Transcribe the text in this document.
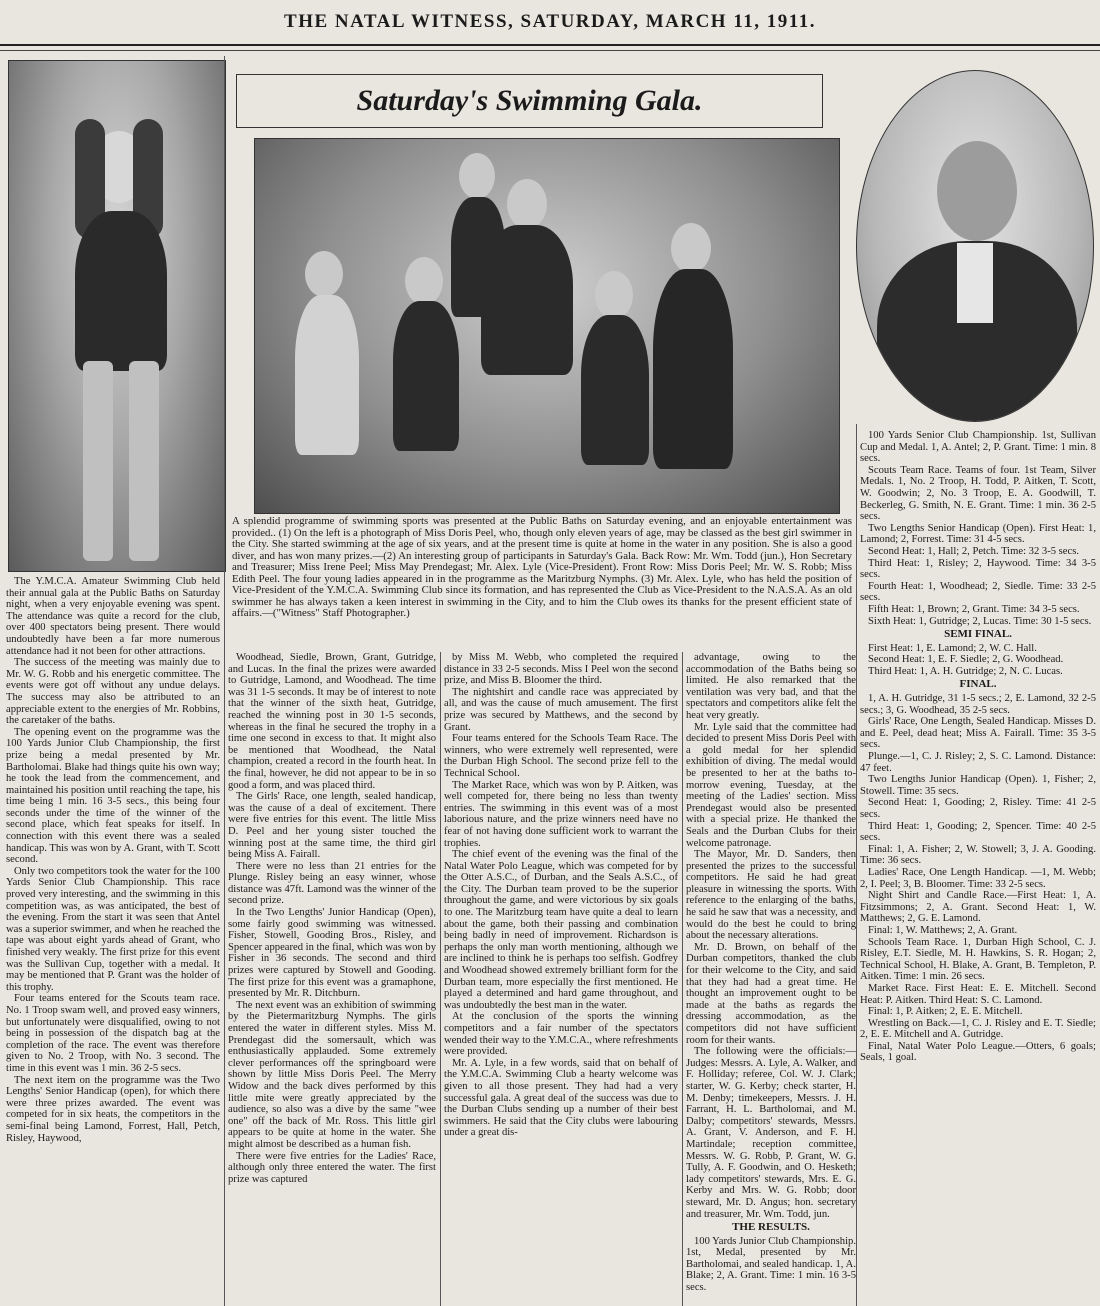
THE NATAL WITNESS, SATURDAY, MARCH 11, 1911.
Saturday's Swimming Gala.
A splendid programme of swimming sports was presented at the Public Baths on Saturday evening, and an enjoyable entertainment was provided.. (1) On the left is a photograph of Miss Doris Peel, who, though only eleven years of age, may be classed as the best girl swimmer in the City. She started swimming at the age of six years, and at the present time is quite at home in the water in any position. She is also a good diver, and has won many prizes.—(2) An interesting group of participants in Saturday's Gala. Back Row: Mr. Wm. Todd (jun.), Hon Secretary and Treasurer; Miss Irene Peel; Miss May Prendegast; Mr. Alex. Lyle (Vice-President). Front Row: Miss Doris Peel; Mr. W. S. Robb; Miss Edith Peel. The four young ladies appeared in in the programme as the Maritzburg Nymphs. (3) Mr. Alex. Lyle, who has held the position of Vice-President of the Y.M.C.A. Swimming Club since its formation, and has represented the Club as Vice-President to the N.A.S.A. As an old swimmer he has always taken a keen interest in swimming in the City, and to him the Club owes its thanks for the present efficient state of affairs.—("Witness" Staff Photographer.)

The Y.M.C.A. Amateur Swimming Club held their annual gala at the Public Baths on Saturday night, when a very enjoyable evening was spent. The attendance was quite a record for the club, over 400 spectators being present. There would undoubtedly have been a far more numerous attendance had it not been for other attractions.

The success of the meeting was mainly due to Mr. W. G. Robb and his energetic committee. The events were got off without any undue delays. The success may also be attributed to an appreciable extent to the energies of Mr. Robbins, the caretaker of the baths.

The opening event on the programme was the 100 Yards Junior Club Championship, the first prize being a medal presented by Mr. Bartholomai. Blake had things quite his own way; he took the lead from the commencement, and maintained his position until reaching the tape, his time being 1 min. 16 3-5 secs., this being four seconds under the time of the winner of the second place, which feat speaks for itself. In connection with this event there was a sealed handicap. This was won by A. Grant, with T. Scott second.

Only two competitors took the water for the 100 Yards Senior Club Championship. This race proved very interesting, and the swimming in this competition was, as was anticipated, the best of the evening. From the start it was seen that Antel was a superior swimmer, and when he reached the tape was about eight yards ahead of Grant, who finished very weakly. The first prize for this event was the Sullivan Cup, together with a medal. It may be mentioned that P. Grant was the holder of this trophy.

Four teams entered for the Scouts team race. No. 1 Troop swam well, and proved easy winners, but unfortunately were disqualified, owing to not being in possession of the dispatch bag at the completion of the race. The event was therefore given to No. 2 Troop, with No. 3 second. The time in this event was 1 min. 36 2-5 secs.

The next item on the programme was the Two Lengths' Senior Handicap (open), for which there were three prizes awarded. The event was competed for in six heats, the competitors in the semi-final being Lamond, Forrest, Hall, Petch, Risley, Haywood,

Woodhead, Siedle, Brown, Grant, Gutridge, and Lucas. In the final the prizes were awarded to Gutridge, Lamond, and Woodhead. The time was 31 1-5 seconds. It may be of interest to note that the winner of the sixth heat, Gutridge, reached the winning post in 30 1-5 seconds, whereas in the final he secured the trophy in a time one second in excess to that. It might also be mentioned that Woodhead, the Natal champion, created a record in the fourth heat. In the final, however, he did not appear to be in so good a form, and was placed third.

The Girls' Race, one length, sealed handicap, was the cause of a deal of excitement. There were five entries for this event. The little Miss D. Peel and her young sister touched the winning post at the same time, the third girl being Miss A. Fairall.

There were no less than 21 entries for the Plunge. Risley being an easy winner, whose distance was 47ft. Lamond was the winner of the second prize.

In the Two Lengths' Junior Handicap (Open), some fairly good swimming was witnessed. Fisher, Stowell, Gooding Bros., Risley, and Spencer appeared in the final, which was won by Fisher in 36 seconds. The second and third prizes were captured by Stowell and Gooding. The first prize for this event was a gramaphone, presented by Mr. R. Ditchburn.

The next event was an exhibition of swimming by the Pietermaritzburg Nymphs. The girls entered the water in different styles. Miss M. Prendegast did the somersault, which was enthusiastically applauded. Some extremely clever performances off the springboard were shown by little Miss Doris Peel. The Merry Widow and the back dives performed by this little mite were greatly appreciated by the audience, so also was a dive by the same "wee one" off the back of Mr. Ross. This little girl appears to be quite at home in the water. She might almost be described as a human fish.

There were five entries for the Ladies' Race, although only three entered the water. The first prize was captured

by Miss M. Webb, who completed the required distance in 33 2-5 seconds. Miss I Peel won the second prize, and Miss B. Bloomer the third.

The nightshirt and candle race was appreciated by all, and was the cause of much amusement. The first prize was secured by Matthews, and the second by Grant.

Four teams entered for the Schools Team Race. The winners, who were extremely well represented, were the Durban High School. The second prize fell to the Technical School.

The Market Race, which was won by P. Aitken, was well competed for, there being no less than twenty entries. The swimming in this event was of a most laborious nature, and the prize winners need have no fear of not having done sufficient work to warrant the trophies.

The chief event of the evening was the final of the Natal Water Polo League, which was competed for by the Otter A.S.C., of Durban, and the Seals A.S.C., of the City. The Durban team proved to be the superior throughout the game, and were victorious by six goals to one. The Maritzburg team have quite a deal to learn about the game, both their passing and combination being badly in need of improvement. Richardson is perhaps the only man worth mentioning, although we are inclined to think he is perhaps too selfish. Godfrey and Woodhead showed extremely brilliant form for the Durban team, more especially the first mentioned. He played a determined and hard game throughout, and was undoubtedly the best man in the water.

At the conclusion of the sports the winning competitors and a fair number of the spectators wended their way to the Y.M.C.A., where refreshments were provided.

Mr. A. Lyle, in a few words, said that on behalf of the Y.M.C.A. Swimming Club a hearty welcome was given to all those present. They had had a very successful gala. A great deal of the success was due to the Durban Clubs sending up a number of their best swimmers. He said that the City clubs were labouring under a great dis-

advantage, owing to the accommodation of the Baths being so limited. He also remarked that the ventilation was very bad, and that the spectators and competitors alike felt the heat very greatly.

Mr. Lyle said that the committee had decided to present Miss Doris Peel with a gold medal for her splendid exhibition of diving. The medal would be presented to her at the baths to-morrow evening, Tuesday, at the meeting of the Ladies' section. Miss Prendegast would also be presented with a special prize. He thanked the Seals and the Durban Clubs for their welcome patronage.

The Mayor, Mr. D. Sanders, then presented the prizes to the successful competitors. He said he had great pleasure in witnessing the sports. With reference to the enlarging of the baths, he said he saw that was a necessity, and would do the best he could to bring about the necessary alterations.

Mr. D. Brown, on behalf of the Durban competitors, thanked the club for their welcome to the City, and said that they had had a great time. He thought an improvement ought to be made at the baths as regards the dressing accommodation, as the competitors did not have sufficient room for their wants.

The following were the officials:—Judges: Messrs. A. Lyle, A. Walker, and F. Holliday; referee, Col. W. J. Clark; starter, W. G. Kerby; check starter, H. M. Denby; timekeepers, Messrs. J. H. Farrant, H. L. Bartholomai, and M. Dalby; competitors' stewards, Messrs. A. Grant, V. Anderson, and F. H. Martindale; reception committee, Messrs. W. G. Robb, P. Grant, W. G. Tully, A. F. Goodwin, and O. Hesketh; lady competitors' stewards, Mrs. E. G. Kerby and Mrs. W. G. Robb; door steward, Mr. D. Angus; hon. secretary and treasurer, Mr. Wm. Todd, jun.

THE RESULTS.

100 Yards Junior Club Championship. 1st, Medal, presented by Mr. Bartholomai, and sealed handicap. 1, A. Blake; 2, A. Grant. Time: 1 min. 16 3-5 secs.

100 Yards Senior Club Championship. 1st, Sullivan Cup and Medal. 1, A. Antel; 2, P. Grant. Time: 1 min. 8 secs.

Scouts Team Race. Teams of four. 1st Team, Silver Medals. 1, No. 2 Troop, H. Todd, P. Aitken, T. Scott, W. Goodwin; 2, No. 3 Troop, E. A. Goodwill, T. Beckerleg, G. Smith, N. E. Grant. Time: 1 min. 36 2-5 secs.

Two Lengths Senior Handicap (Open). First Heat: 1, Lamond; 2, Forrest. Time: 31 4-5 secs.

Second Heat: 1, Hall; 2, Petch. Time: 32 3-5 secs.

Third Heat: 1, Risley; 2, Haywood. Time: 34 3-5 secs.

Fourth Heat: 1, Woodhead; 2, Siedle. Time: 33 2-5 secs.

Fifth Heat: 1, Brown; 2, Grant. Time: 34 3-5 secs.

Sixth Heat: 1, Gutridge; 2, Lucas. Time: 30 1-5 secs.

SEMI FINAL.

First Heat: 1, E. Lamond; 2, W. C. Hall.

Second Heat: 1, E. F. Siedle; 2, G. Woodhead.

Third Heat: 1, A. H. Gutridge; 2, N. C. Lucas.

FINAL.

1, A. H. Gutridge, 31 1-5 secs.; 2, E. Lamond, 32 2-5 secs.; 3, G. Woodhead, 35 2-5 secs.

Girls' Race, One Length, Sealed Handicap. Misses D. and E. Peel, dead heat; Miss A. Fairall. Time: 35 3-5 secs.

Plunge.—1, C. J. Risley; 2, S. C. Lamond. Distance: 47 feet.

Two Lengths Junior Handicap (Open). 1, Fisher; 2, Stowell. Time: 35 secs.

Second Heat: 1, Gooding; 2, Risley. Time: 41 2-5 secs.

Third Heat: 1, Gooding; 2, Spencer. Time: 40 2-5 secs.

Final: 1, A. Fisher; 2, W. Stowell; 3, J. A. Gooding. Time: 36 secs.

Ladies' Race, One Length Handicap. —1, M. Webb; 2, I. Peel; 3, B. Bloomer. Time: 33 2-5 secs.

Night Shirt and Candle Race.—First Heat: 1, A. Fitzsimmons; 2, A. Grant. Second Heat: 1, W. Matthews; 2, G. E. Lamond.

Final: 1, W. Matthews; 2, A. Grant.

Schools Team Race. 1, Durban High School, C. J. Risley, E.T. Siedle, M. H. Hawkins, S. R. Hogan; 2, Technical School, H. Blake, A. Grant, B. Templeton, P. Aitken. Time: 1 min. 26 secs.

Market Race. First Heat: E. E. Mitchell. Second Heat: P. Aitken. Third Heat: S. C. Lamond.

Final: 1, P. Aitken; 2, E. E. Mitchell.

Wrestling on Back.—1, C. J. Risley and E. T. Siedle; 2, E. E. Mitchell and A. Gutridge.

Final, Natal Water Polo League.—Otters, 6 goals; Seals, 1 goal.
